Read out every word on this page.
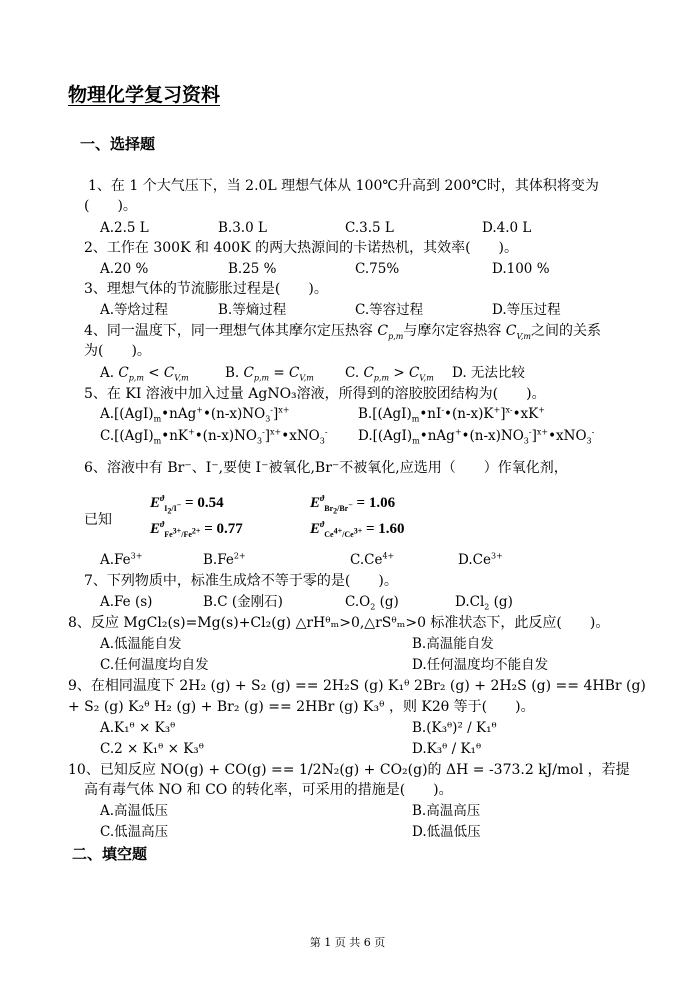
物理化学复习资料
一、选择题
1、在 1 个大气压下，当 2.0L 理想气体从 100℃升高到 200℃时，其体积将变为
(　　)。
A.2.5 L	B.3.0 L	C.3.5 L	D.4.0 L
2、工作在 300K 和 400K 的两大热源间的卡诺热机，其效率(　　)。
A.20 %	B.25 %	C.75%	D.100 %
3、理想气体的节流膨胀过程是(　　)。
A.等焓过程	B.等熵过程	C.等容过程	D.等压过程
4、同一温度下，同一理想气体其摩尔定压热容 $C_{p,m}$与摩尔定容热容 $C_{V,m}$之间的关系
为(　　)。
A. $C_{p,m} < C_{V,m}$	B. $C_{p,m} = C_{V,m}$ C. $C_{p,m} > C_{V,m}$ D. 无法比较
5、在 KI 溶液中加入过量 AgNO₃溶液，所得到的溶胶胶团结构为(　　)。
$A.[(AgI)_m•nAg^+•(n-x)NO_3^-]^{x+}$	$B.[(AgI)_m•nI^-•(n-x)K^+]^{x-}•xK^+$
$C.[(AgI)_m•nK^+•(n-x)NO_3^-]^{x+}•xNO_3^-$ $D.[(AgI)_m•nAg^+•(n-x)NO_3^-]^{x+}•xNO_3^-$
6、溶液中有 Br⁻、I⁻,要使 I⁻被氧化,Br⁻不被氧化,应选用（　　）作氧化剂，
已知
$E^ϑ_{I_2/I^-} = 0.54$	$E^ϑ_{Br_2/Br^-} = 1.06$
$E^ϑ_{Fe^{3+}/Fe^{2+}} = 0.77$	$E^ϑ_{Ce^{4+}/Ce^{3+}} = 1.60$
$A.Fe^{3+}$	$B.Fe^{2+}$	$C.Ce^{4+}$	$D.Ce^{3+}$
7、下列物质中，标准生成焓不等于零的是(　　)。
A.Fe (s)	B.C (金刚石)	$C.O_2$ (g)	$D.Cl_2$ (g)
8、反应 MgCl₂(s)=Mg(s)+Cl₂(g) △rHᶿₘ>0,△rSᶿₘ>0 标准状态下，此反应(　　)。
A.低温能自发	B.高温能自发
C.任何温度均自发	D.任何温度均不能自发
9、在相同温度下 2H₂ (g) + S₂ (g) == 2H₂S (g) K₁ᶿ 2Br₂ (g) + 2H₂S (g) == 4HBr (g)
+ S₂ (g) K₂ᶿ H₂ (g) + Br₂ (g) == 2HBr (g) K₃ᶿ ，则 K2θ 等于(　　)。
A.K₁ᶿ × K₃ᶿ	B.(K₃ᶿ)² / K₁ᶿ
C.2 × K₁ᶿ × K₃ᶿ	D.K₃ᶿ / K₁ᶿ
10、已知反应 NO(g) + CO(g) == 1/2N₂(g) + CO₂(g)的 ΔH = -373.2 kJ/mol ，若提
高有毒气体 NO 和 CO 的转化率，可采用的措施是(　　)。
A.高温低压	B.高温高压
C.低温高压	D.低温低压
二、填空题
第 1 页 共 6 页
